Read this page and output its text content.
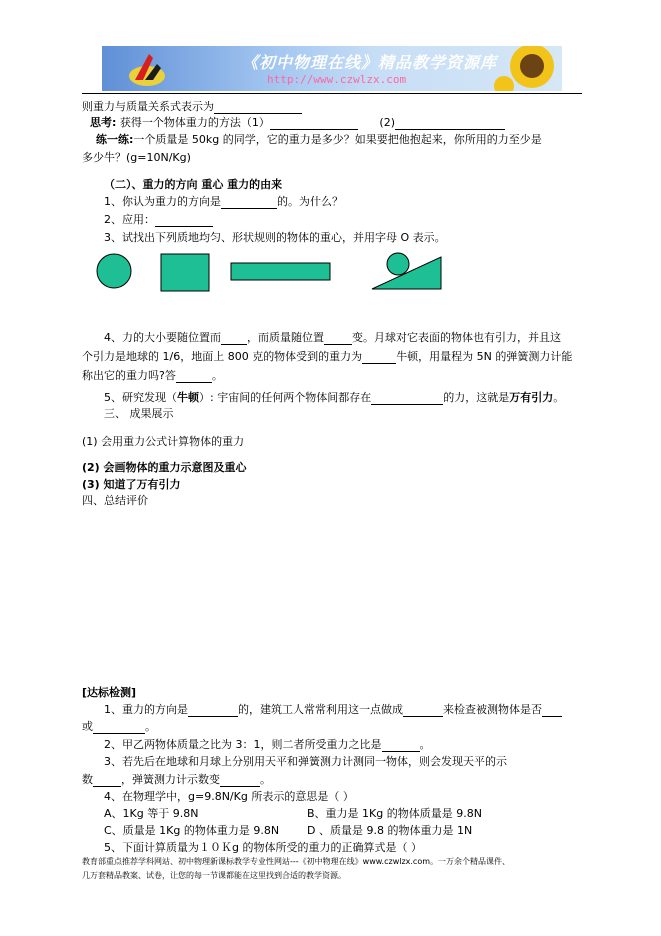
《初中物理在线》精品教学资源库
http://www.czwlzx.com
则重力与质量关系式表示为
思考: 获得一个物体重力的方法（1）	(2)
练一练:一个质量是 50kg 的同学，它的重力是多少？如果要把他抱起来，你所用的力至少是
多少牛？(g=10N/Kg)
（二）、重力的方向 重心 重力的由来
1、你认为重力的方向是	的。为什么？
2、应用：
3、试找出下列质地均匀、形状规则的物体的重心，并用字母 O 表示。
4、力的大小要随位置而 ，而质量随位置	变。月球对它表面的物体也有引力，并且这
个引力是地球的 1/6，地面上 800 克的物体受到的重力为	牛顿，用量程为 5N 的弹簧测力计能
称出它的重力吗?答	。
5、研究发现（牛顿）: 宇宙间的任何两个物体间都存在	的力，这就是万有引力。
三、 成果展示
(1) 会用重力公式计算物体的重力
(2) 会画物体的重力示意图及重心
(3) 知道了万有引力
四、总结评价
[达标检测]
1、重力的方向是	的，建筑工人常常利用这一点做成	来检查被测物体是否
或	。
2、甲乙两物体质量之比为 3：1，则二者所受重力之比是	。
3、若先后在地球和月球上分别用天平和弹簧测力计测同一物体，则会发现天平的示
数	，弹簧测力计示数变	。
4、在物理学中，g=9.8N/Kg 所表示的意思是（ ）
A、1Kg 等于 9.8N	B、重力是 1Kg 的物体质量是 9.8N
C、质量是 1Kg 的物体重力是 9.8N	D 、质量是 9.8 的物体重力是 1N
5、下面计算质量为１０Ｋg 的物体所受的重力的正确算式是（ ）
教育部重点推荐学科网站、初中物理新课标教学专业性网站---《初中物理在线》www.czwlzx.com。一万余个精品课件、
几万套精品教案、试卷，让您的每一节课都能在这里找到合适的教学资源。
